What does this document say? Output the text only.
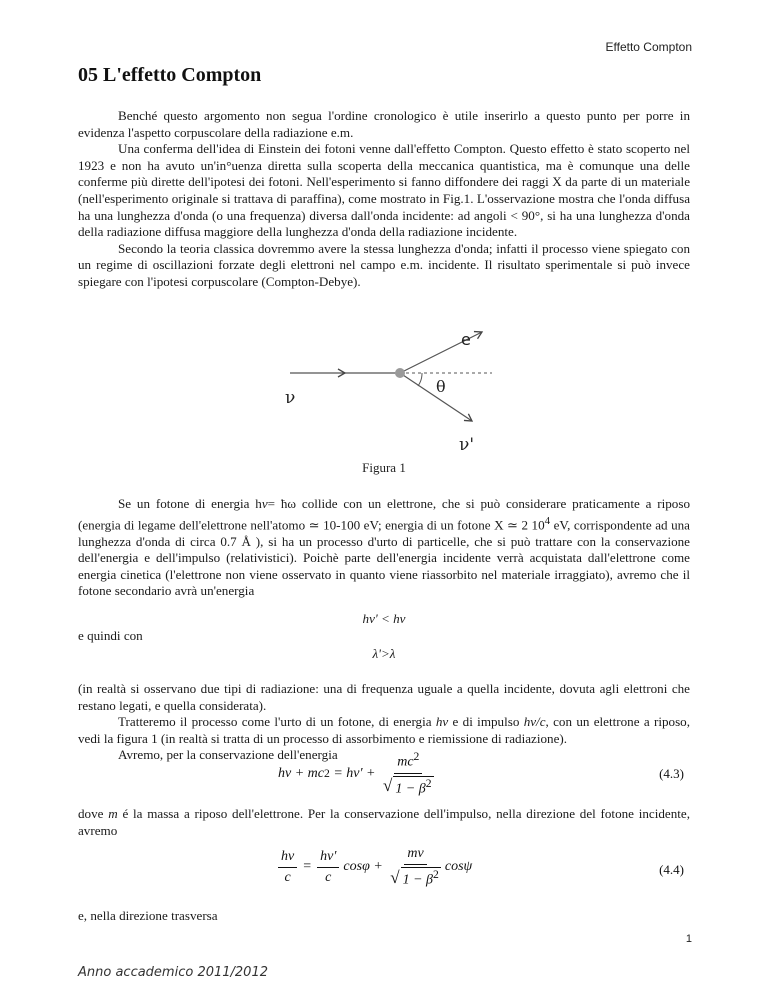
Effetto Compton
05 L'effetto Compton

Benché questo argomento non segua l'ordine cronologico è utile inserirlo a questo punto per porre in evidenza l'aspetto corpuscolare della radiazione e.m.

Una conferma dell'idea di Einstein dei fotoni venne dall'effetto Compton. Questo effetto è stato scoperto nel 1923 e non ha avuto un'in°uenza diretta sulla scoperta della meccanica quantistica, ma è comunque una delle conferme più dirette dell'ipotesi dei fotoni. Nell'esperimento si fanno diffondere dei raggi X da parte di un materiale (nell'esperimento originale si trattava di paraffina), come mostrato in Fig.1. L'osservazione mostra che l'onda diffusa ha una lunghezza d'onda (o una frequenza) diversa dall'onda incidente: ad angoli < 90°, si ha una lunghezza d'onda della radiazione diffusa maggiore della lunghezza d'onda della radiazione incidente.

Secondo la teoria classica dovremmo avere la stessa lunghezza d'onda; infatti il processo viene spiegato con un regime di oscillazioni forzate degli elettroni nel campo e.m. incidente. Il risultato sperimentale si può invece spiegare con l'ipotesi corpuscolare (Compton-Debye).

e
ν
θ
ν'
Figura 1

Se un fotone di energia hν= ħω collide con un elettrone, che si può considerare praticamente a riposo (energia di legame dell'elettrone nell'atomo ≃ 10-100 eV; energia di un fotone X ≃ 2 $10^4$ eV, corrispondente ad una lunghezza d'onda di circa 0.7 Å ), si ha un processo d'urto di particelle, che si può trattare con la conservazione dell'energia e dell'impulso (relativistici). Poichè parte dell'energia incidente verrà acquistata dall'elettrone come energia cinetica (l'elettrone non viene osservato in quanto viene riassorbito nel materiale irraggiato), avremo che il fotone secondario avrà un'energia

hν' < hν

e quindi con

λ'>λ

(in realtà si osservano due tipi di radiazione: una di frequenza uguale a quella incidente, dovuta agli elettroni che restano legati, e quella considerata).

Tratteremo il processo come l'urto di un fotone, di energia hν e di impulso hν/c, con un elettrone a riposo, vedi la figura 1 (in realtà si tratta di un processo di assorbimento e riemissione di radiazione).

Avremo, per la conservazione dell'energia

hν + mc $2 = h\nu' + \frac{mc^2}{√ 1 - \beta^2}$	(4.3)

dove m é la massa a riposo dell'elettrone. Per la conservazione dell'impulso, nella direzione del fotone incidente, avremo

$\frac{h\nu}{c} = \frac{h\nu'}{c}$ $\cos\varphi + \frac{mv}{√ 1 - \beta^2}$ cosψ	(4.4)

e, nella direzione trasversa

1
Anno accademico 2011/2012
